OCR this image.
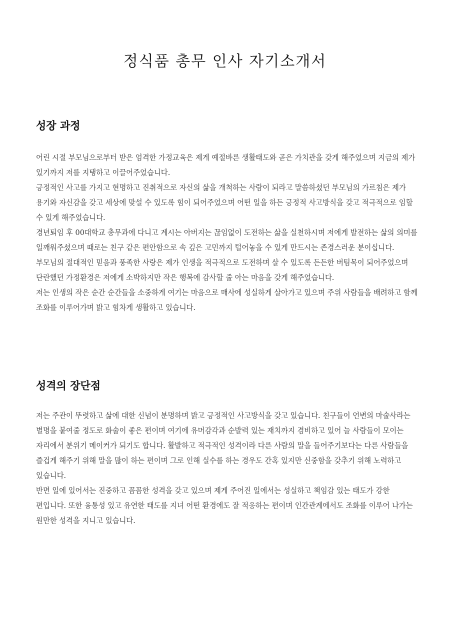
정식품 총무 인사 자기소개서
성장 과정

어린 시절 부모님으로부터 받은 엄격한 가정교육은 제게 예절바른 생활태도와 곧은 가치관을 갖게 해주었으며 지금의 제가 있기까지 저를 지탱하고 이끌어주었습니다.

긍정적인 사고를 가지고 현명하고 진취적으로 자신의 삶을 개척하는 사람이 되라고 말씀하셨던 부모님의 가르침은 제가 용기와 자신감을 갖고 세상에 맞설 수 있도록 힘이 되어주었으며 어떤 일을 하든 긍정적 사고방식을 갖고 적극적으로 임할 수 있게 해주었습니다.

경년퇴임 후 00대학교 총무과에 다니고 계시는 아버지는 끊임없이 도전하는 삶을 실천하시며 저에게 발전하는 삶의 의미를 일깨워주셨으며 때로는 친구 같은 편안함으로 속 깊은 고민까지 털어놓을 수 있게 만드시는 존경스러운 분이십니다.

부모님의 절대적인 믿음과 풍족한 사랑은 제가 인생을 적극적으로 도전하며 살 수 있도록 든든한 버팀목이 되어주었으며 단란했던 가정환경은 저에게 소박하지만 작은 행복에 감사할 줄 아는 마음을 갖게 해주었습니다.

저는 인생의 작은 순간 순간들을 소중하게 여기는 마음으로 매사에 성실하게 살아가고 있으며 주위 사람들을 배려하고 함께 조화를 이루어가며 밝고 힘차게 생활하고 있습니다.

성격의 장단점

저는 주관이 뚜렷하고 삶에 대한 신념이 분명하며 밝고 긍정적인 사고방식을 갖고 있습니다. 친구들이 언변의 마술사라는 별명을 붙여줄 정도로 화술이 좋은 편이며 여기에 유머감각과 순발력 있는 재치까지 겸비하고 있어 늘 사람들이 모이는 자리에서 분위기 메이커가 되기도 합니다. 활발하고 적극적인 성격이라 다른 사람의 말을 들어주기보다는 다른 사람들을 즐겁게 해주기 위해 말을 많이 하는 편이며 그로 인해 실수를 하는 경우도 간혹 있지만 신중함을 갖추기 위해 노력하고 있습니다.

반면 일에 있어서는 진중하고 꼼꼼한 성격을 갖고 있으며 제게 주어진 일에서는 성실하고 책임감 있는 태도가 강한 편입니다. 또한 융통성 있고 유연한 태도를 지녀 어떤 환경에도 잘 적응하는 편이며 인간관계에서도 조화를 이루어 나가는 원만한 성격을 지니고 있습니다.
